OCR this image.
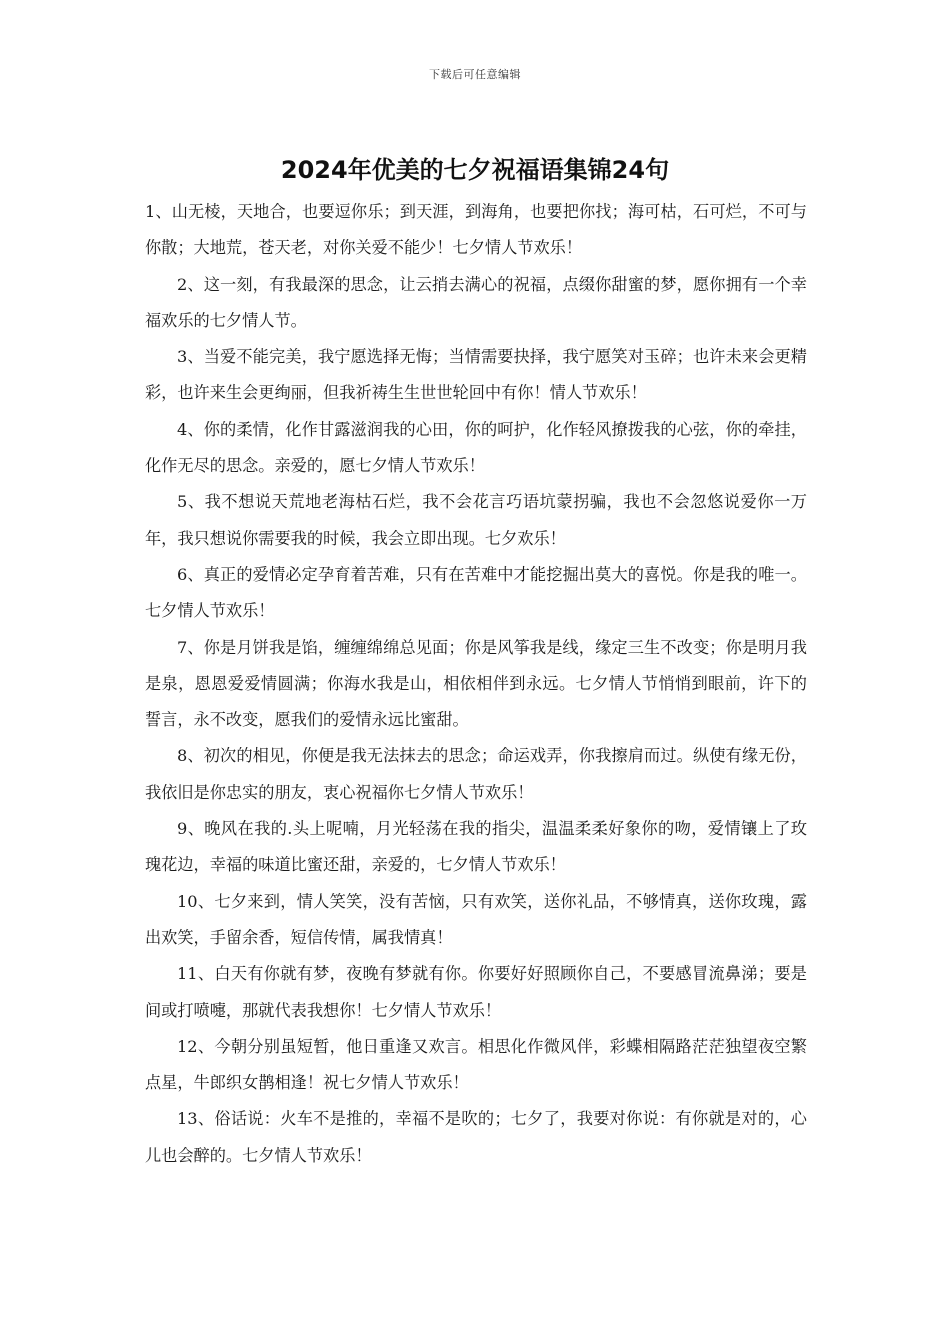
下载后可任意编辑
2024年优美的七夕祝福语集锦24句

1、山无棱，天地合，也要逗你乐；到天涯，到海角，也要把你找；海可枯，石可烂，不可与你散；大地荒，苍天老，对你关爱不能少！七夕情人节欢乐！

2、这一刻，有我最深的思念，让云捎去满心的祝福，点缀你甜蜜的梦，愿你拥有一个幸福欢乐的七夕情人节。

3、当爱不能完美，我宁愿选择无悔；当情需要抉择，我宁愿笑对玉碎；也许未来会更精彩，也许来生会更绚丽，但我祈祷生生世世轮回中有你！情人节欢乐！

4、你的柔情，化作甘露滋润我的心田，你的呵护，化作轻风撩拨我的心弦，你的牵挂，化作无尽的思念。亲爱的，愿七夕情人节欢乐！

5、我不想说天荒地老海枯石烂，我不会花言巧语坑蒙拐骗，我也不会忽悠说爱你一万年，我只想说你需要我的时候，我会立即出现。七夕欢乐！

6、真正的爱情必定孕育着苦难，只有在苦难中才能挖掘出莫大的喜悦。你是我的唯一。七夕情人节欢乐！

7、你是月饼我是馅，缠缠绵绵总见面；你是风筝我是线，缘定三生不改变；你是明月我是泉，恩恩爱爱情圆满；你海水我是山，相依相伴到永远。七夕情人节悄悄到眼前，许下的誓言，永不改变，愿我们的爱情永远比蜜甜。

8、初次的相见，你便是我无法抹去的思念；命运戏弄，你我擦肩而过。纵使有缘无份，我依旧是你忠实的朋友，衷心祝福你七夕情人节欢乐！

9、晚风在我的.头上呢喃，月光轻荡在我的指尖，温温柔柔好象你的吻，爱情镶上了玫瑰花边，幸福的味道比蜜还甜，亲爱的，七夕情人节欢乐！

10、七夕来到，情人笑笑，没有苦恼，只有欢笑，送你礼品，不够情真，送你玫瑰，露出欢笑，手留余香，短信传情，属我情真！

11、白天有你就有梦，夜晚有梦就有你。你要好好照顾你自己，不要感冒流鼻涕；要是间或打喷嚏，那就代表我想你！七夕情人节欢乐！

12、今朝分别虽短暂，他日重逢又欢言。相思化作微风伴，彩蝶相隔路茫茫独望夜空繁点星，牛郎织女鹊相逢！祝七夕情人节欢乐！

13、俗话说：火车不是推的，幸福不是吹的；七夕了，我要对你说：有你就是对的，心儿也会醉的。七夕情人节欢乐！
